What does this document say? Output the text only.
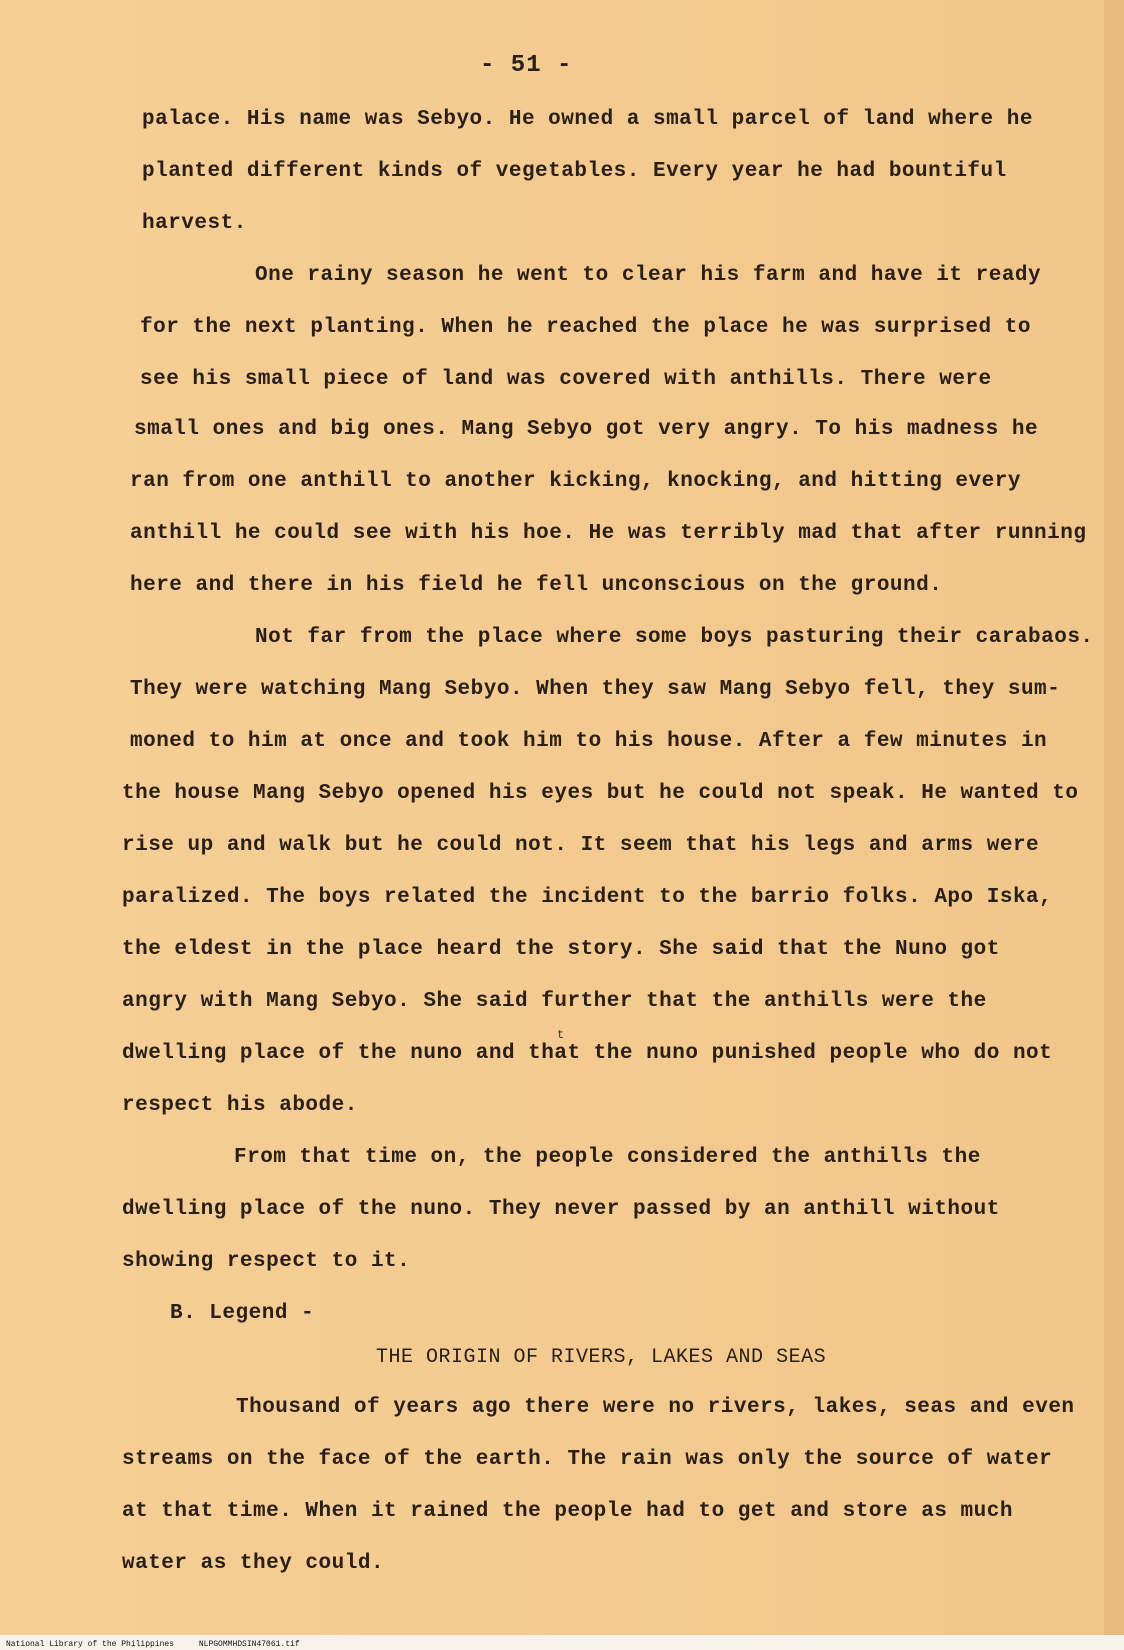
- 51 -
palace. His name was Sebyo. He owned a small parcel of land where he
planted different kinds of vegetables. Every year he had bountiful
harvest.
One rainy season he went to clear his farm and have it ready
for the next planting. When he reached the place he was surprised to
see his small piece of land was covered with anthills. There were
small ones and big ones. Mang Sebyo got very angry. To his madness he
ran from one anthill to another kicking, knocking, and hitting every
anthill he could see with his hoe. He was terribly mad that after running
here and there in his field he fell unconscious on the ground.
Not far from the place where some boys pasturing their carabaos.
They were watching Mang Sebyo. When they saw Mang Sebyo fell, they sum-
moned to him at once and took him to his house. After a few minutes in
the house Mang Sebyo opened his eyes but he could not speak. He wanted to
rise up and walk but he could not. It seem that his legs and arms were
paralized. The boys related the incident to the barrio folks. Apo Iska,
the eldest in the place heard the story. She said that the Nuno got
angry with Mang Sebyo. She said further that the anthills were the
dwelling place of the nuno and that the nuno punished people who do not
respect his abode.
From that time on, the people considered the anthills the
dwelling place of the nuno. They never passed by an anthill without
showing respect to it.
B. Legend -
THE ORIGIN OF RIVERS, LAKES AND SEAS
Thousand of years ago there were no rivers, lakes, seas and even
streams on the face of the earth. The rain was only the source of water
at that time. When it rained the people had to get and store as much
water as they could.
t
National Library of the Philippines	NLPGOMMHDSIN47061.tif
